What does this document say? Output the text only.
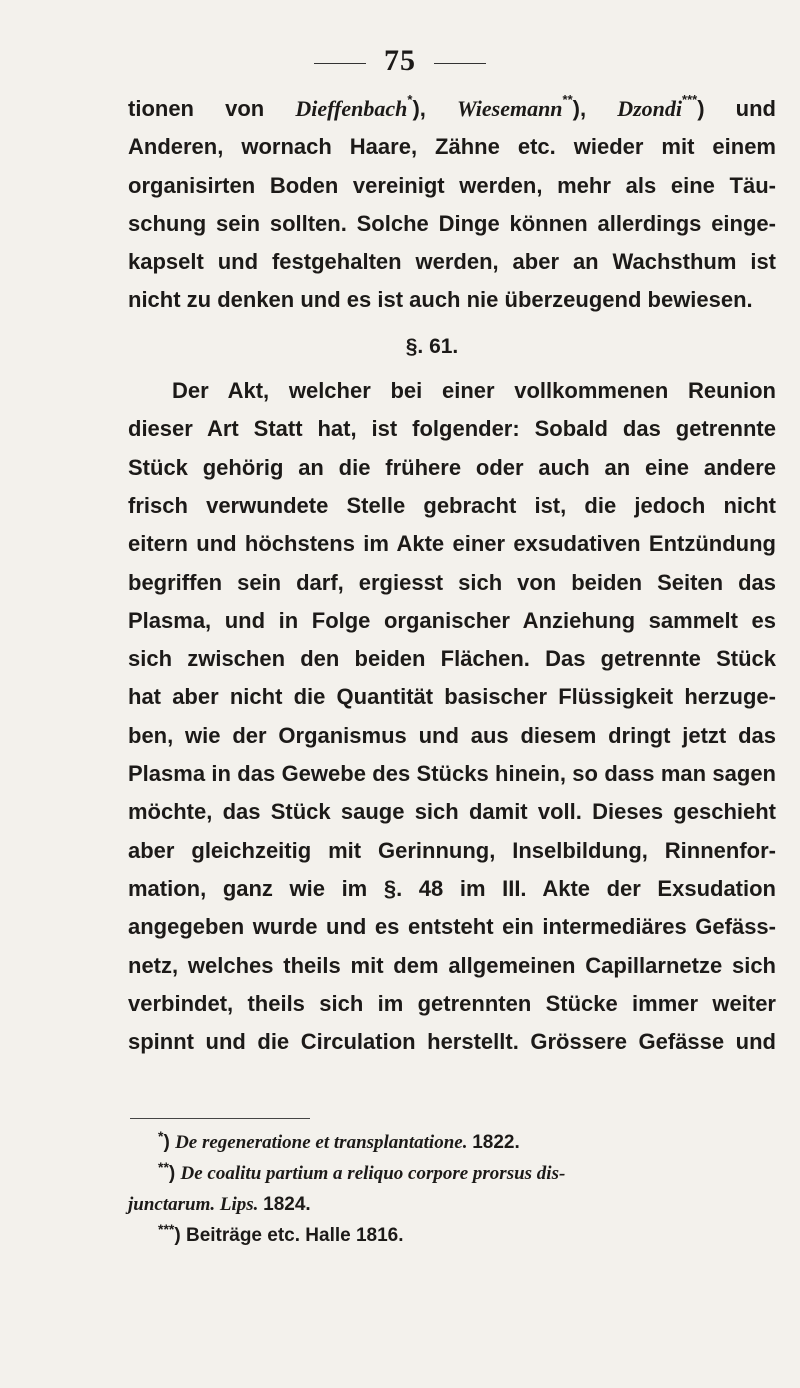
75
tionen von Dieffenbach*), Wiesemann**), Dzondi***) und
Anderen, wornach Haare, Zähne etc. wieder mit einem
organisirten Boden vereinigt werden, mehr als eine Täu-
schung sein sollten. Solche Dinge können allerdings einge-
kapselt und festgehalten werden, aber an Wachsthum ist
nicht zu denken und es ist auch nie überzeugend bewiesen.
§. 61.
Der Akt, welcher bei einer vollkommenen Reunion
dieser Art Statt hat, ist folgender: Sobald das getrennte
Stück gehörig an die frühere oder auch an eine andere
frisch verwundete Stelle gebracht ist, die jedoch nicht
eitern und höchstens im Akte einer exsudativen Entzündung
begriffen sein darf, ergiesst sich von beiden Seiten das
Plasma, und in Folge organischer Anziehung sammelt es
sich zwischen den beiden Flächen. Das getrennte Stück
hat aber nicht die Quantität basischer Flüssigkeit herzuge-
ben, wie der Organismus und aus diesem dringt jetzt das
Plasma in das Gewebe des Stücks hinein, so dass man sagen
möchte, das Stück sauge sich damit voll. Dieses geschieht
aber gleichzeitig mit Gerinnung, Inselbildung, Rinnenfor-
mation, ganz wie im §. 48 im III. Akte der Exsudation
angegeben wurde und es entsteht ein intermediäres Gefäss-
netz, welches theils mit dem allgemeinen Capillarnetze sich
verbindet, theils sich im getrennten Stücke immer weiter
spinnt und die Circulation herstellt. Grössere Gefässe und
*) De regeneratione et transplantatione. 1822.
**) De coalitu partium a reliquo corpore prorsus dis-
junctarum. Lips. 1824.
***) Beiträge etc. Halle 1816.
